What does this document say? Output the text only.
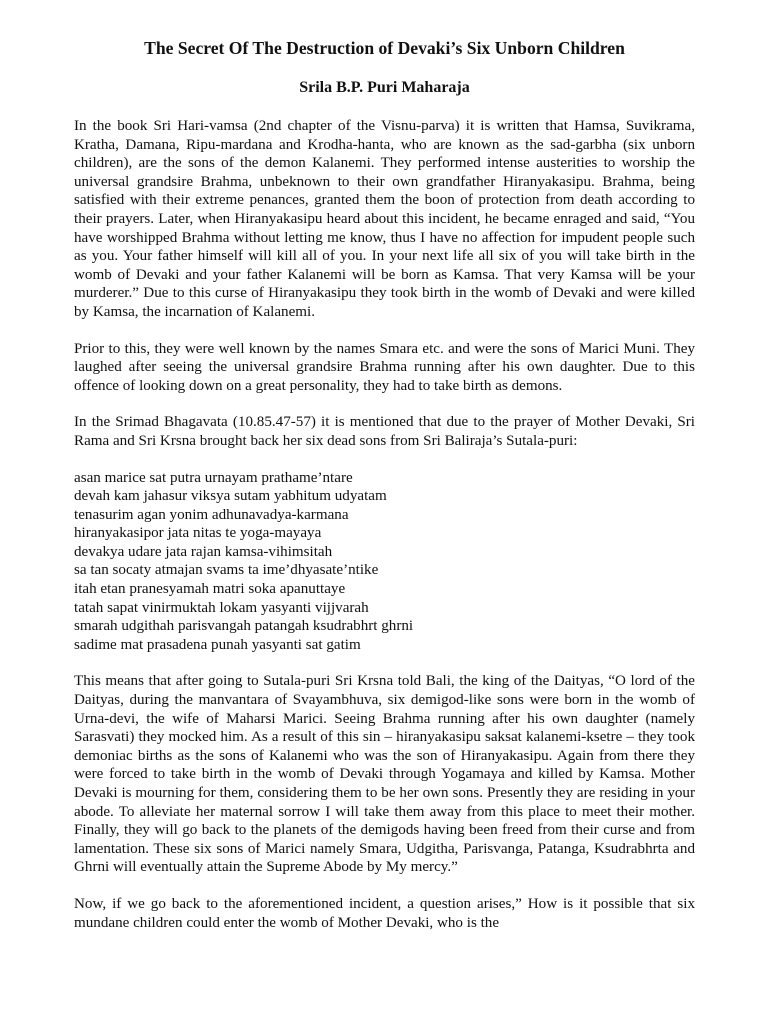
The Secret Of The Destruction of Devaki’s Six Unborn Children
Srila B.P. Puri Maharaja

In the book Sri Hari-vamsa (2nd chapter of the Visnu-parva) it is written that Hamsa, Suvikrama, Kratha, Damana, Ripu-mardana and Krodha-hanta, who are known as the sad-garbha (six unborn children), are the sons of the demon Kalanemi. They performed intense austerities to worship the universal grandsire Brahma, unbeknown to their own grandfather Hiranyakasipu. Brahma, being satisfied with their extreme penances, granted them the boon of protection from death according to their prayers. Later, when Hiranyakasipu heard about this incident, he became enraged and said, “You have worshipped Brahma without letting me know, thus I have no affection for impudent people such as you. Your father himself will kill all of you. In your next life all six of you will take birth in the womb of Devaki and your father Kalanemi will be born as Kamsa. That very Kamsa will be your murderer.” Due to this curse of Hiranyakasipu they took birth in the womb of Devaki and were killed by Kamsa, the incarnation of Kalanemi.

Prior to this, they were well known by the names Smara etc. and were the sons of Marici Muni. They laughed after seeing the universal grandsire Brahma running after his own daughter. Due to this offence of looking down on a great personality, they had to take birth as demons.

In the Srimad Bhagavata (10.85.47-57) it is mentioned that due to the prayer of Mother Devaki, Sri Rama and Sri Krsna brought back her six dead sons from Sri Baliraja’s Sutala-puri:

asan marice sat putra urnayam prathame’ntare
devah kam jahasur viksya sutam yabhitum udyatam
tenasurim agan yonim adhunavadya-karmana
hiranyakasipor jata nitas te yoga-mayaya
devakya udare jata rajan kamsa-vihimsitah
sa tan socaty atmajan svams ta ime’dhyasate’ntike
itah etan pranesyamah matri soka apanuttaye
tatah sapat vinirmuktah lokam yasyanti vijjvarah
smarah udgithah parisvangah patangah ksudrabhrt ghrni
sadime mat prasadena punah yasyanti sat gatim

This means that after going to Sutala-puri Sri Krsna told Bali, the king of the Daityas, “O lord of the Daityas, during the manvantara of Svayambhuva, six demigod-like sons were born in the womb of Urna-devi, the wife of Maharsi Marici. Seeing Brahma running after his own daughter (namely Sarasvati) they mocked him. As a result of this sin – hiranyakasipu saksat kalanemi-ksetre – they took demoniac births as the sons of Kalanemi who was the son of Hiranyakasipu. Again from there they were forced to take birth in the womb of Devaki through Yogamaya and killed by Kamsa. Mother Devaki is mourning for them, considering them to be her own sons. Presently they are residing in your abode. To alleviate her maternal sorrow I will take them away from this place to meet their mother. Finally, they will go back to the planets of the demigods having been freed from their curse and from lamentation. These six sons of Marici namely Smara, Udgitha, Parisvanga, Patanga, Ksudrabhrta and Ghrni will eventually attain the Supreme Abode by My mercy.”

Now, if we go back to the aforementioned incident, a question arises,” How is it possible that six mundane children could enter the womb of Mother Devaki, who is the
